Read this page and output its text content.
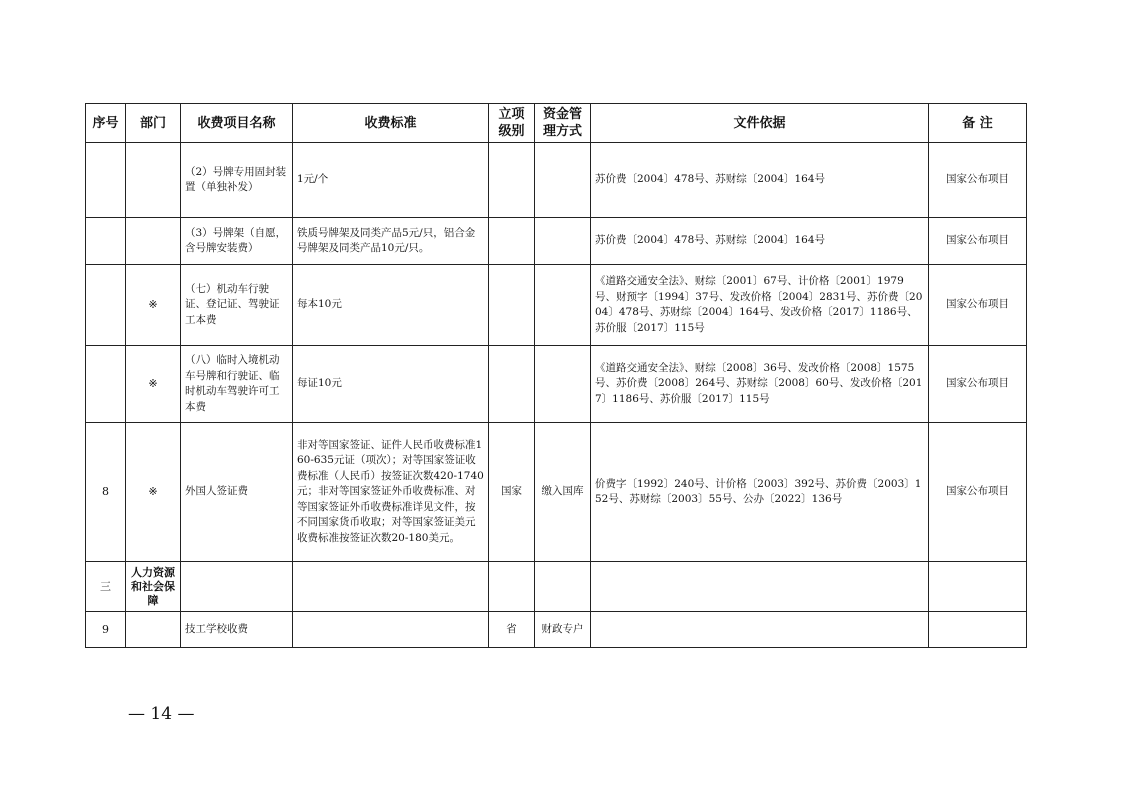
序号	部门	收费项目名称	收费标准	立项级别	资金管理方式	文件依据	备 注
		（2）号牌专用固封装置（单独补发）	1元/个			苏价费〔2004〕478号、苏财综〔2004〕164号	国家公布项目
		（3）号牌架（自愿，含号牌安装费）	铁质号牌架及同类产品5元/只，铝合金号牌架及同类产品10元/只。			苏价费〔2004〕478号、苏财综〔2004〕164号	国家公布项目
	※	（七）机动车行驶证、登记证、驾驶证工本费	每本10元			《道路交通安全法》、财综〔2001〕67号、计价格〔2001〕1979号、财预字〔1994〕37号、发改价格〔2004〕2831号、苏价费〔2004〕478号、苏财综〔2004〕164号、发改价格〔2017〕1186号、苏价服〔2017〕115号	国家公布项目
	※	（八）临时入境机动车号牌和行驶证、临时机动车驾驶许可工本费	每证10元			《道路交通安全法》、财综〔2008〕36号、发改价格〔2008〕1575号、苏价费〔2008〕264号、苏财综〔2008〕60号、发改价格〔2017〕1186号、苏价服〔2017〕115号	国家公布项目
8	※	外国人签证费	非对等国家签证、证件人民币收费标准160-635元证（项次）；对等国家签证收费标准（人民币）按签证次数420-1740元；非对等国家签证外币收费标准、对等国家签证外币收费标准详见文件，按不同国家货币收取；对等国家签证美元收费标准按签证次数20-180美元。	国家	缴入国库	价费字〔1992〕240号、计价格〔2003〕392号、苏价费〔2003〕152号、苏财综〔2003〕55号、公办〔2022〕136号	国家公布项目
三	人力资源和社会保障						
9		技工学校收费		省	财政专户		
— 14 —
